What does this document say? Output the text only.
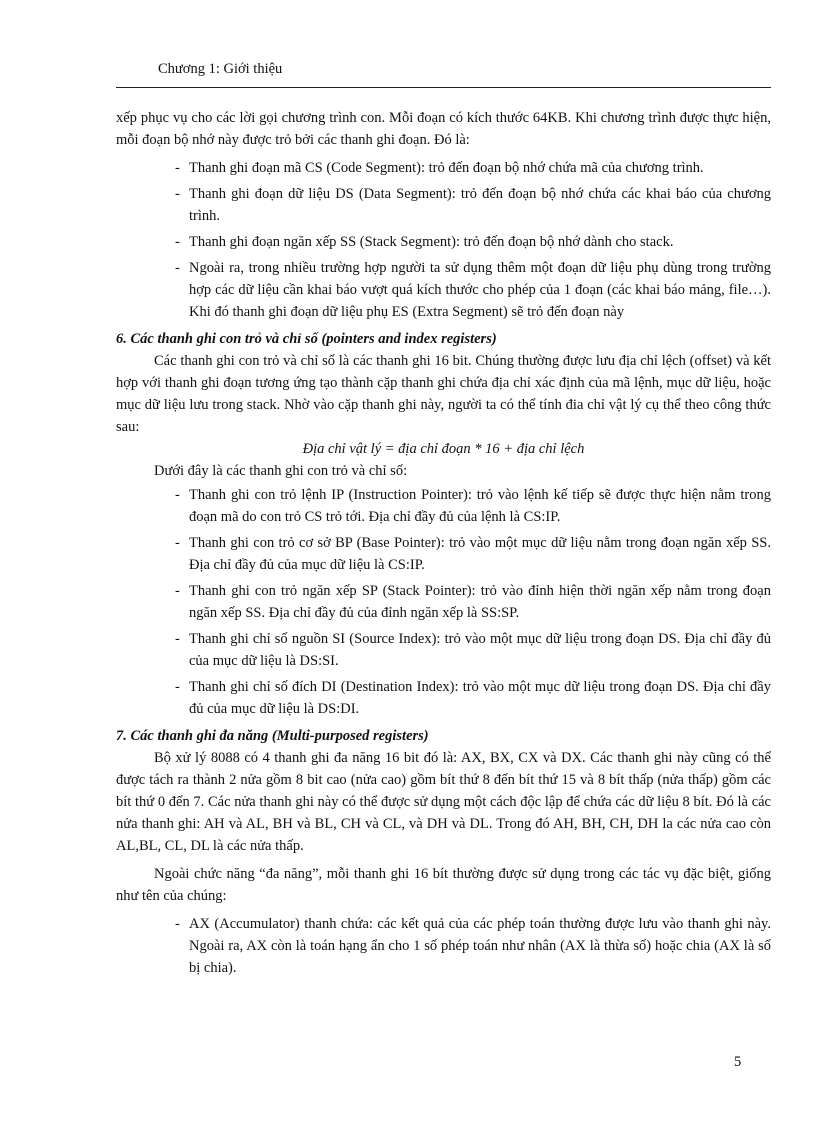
Chương 1: Giới thiệu

xếp phục vụ cho các lời gọi chương trình con. Mỗi đoạn có kích thước 64KB. Khi chương trình được thực hiện, mỗi đoạn bộ nhớ này được trỏ bởi các thanh ghi đoạn. Đó là:

- Thanh ghi đoạn mã CS (Code Segment): trỏ đến đoạn bộ nhớ chứa mã của chương trình.
- Thanh ghi đoạn dữ liệu DS (Data Segment): trỏ đến đoạn bộ nhớ chứa các khai báo của chương trình.
- Thanh ghi đoạn ngăn xếp SS (Stack Segment): trỏ đến đoạn bộ nhớ dành cho stack.
- Ngoài ra, trong nhiều trường hợp người ta sử dụng thêm một đoạn dữ liệu phụ dùng trong trường hợp các dữ liệu cần khai báo vượt quá kích thước cho phép của 1 đoạn (các khai báo mảng, file…). Khi đó thanh ghi đoạn dữ liệu phụ ES (Extra Segment) sẽ trỏ đến đoạn này

6. Các thanh ghi con trỏ và chỉ số (pointers and index registers)

Các thanh ghi con trỏ và chỉ số là các thanh ghi 16 bit. Chúng thường được lưu địa chỉ lệch (offset) và kết hợp với thanh ghi đoạn tương ứng tạo thành cặp thanh ghi chứa địa chỉ xác định của mã lệnh, mục dữ liệu, hoặc mục dữ liệu lưu trong stack. Nhờ vào cặp thanh ghi này, người ta có thể tính đia chỉ vật lý cụ thể theo công thức sau:

Địa chỉ vật lý = địa chỉ đoạn * 16 + địa chỉ lệch

Dưới đây là các thanh ghi con trỏ và chỉ số:

- Thanh ghi con trỏ lệnh IP (Instruction Pointer): trỏ vào lệnh kế tiếp sẽ được thực hiện nằm trong đoạn mã do con trỏ CS trỏ tới. Địa chỉ đầy đủ của lệnh là CS:IP.
- Thanh ghi con trỏ cơ sở BP (Base Pointer): trỏ vào một mục dữ liệu nằm trong đoạn ngăn xếp SS. Địa chỉ đầy đủ của mục dữ liệu là CS:IP.
- Thanh ghi con trỏ ngăn xếp SP (Stack Pointer): trỏ vào đỉnh hiện thời ngăn xếp nằm trong đoạn ngăn xếp SS. Địa chỉ đầy đủ của đỉnh ngăn xếp là SS:SP.
- Thanh ghi chỉ số nguồn SI (Source Index): trỏ vào một mục dữ liệu trong đoạn DS. Địa chỉ đầy đủ của mục dữ liệu là DS:SI.
- Thanh ghi chỉ số đích DI (Destination Index): trỏ vào một mục dữ liệu trong đoạn DS. Địa chỉ đầy đủ của mục dữ liệu là DS:DI.

7. Các thanh ghi đa năng (Multi-purposed registers)

Bộ xử lý 8088 có 4 thanh ghi đa năng 16 bit đó là: AX, BX, CX và DX. Các thanh ghi này cũng có thể được tách ra thành 2 nửa gồm 8 bit cao (nửa cao) gồm bít thứ 8 đến bít thứ 15 và 8 bít thấp (nửa thấp) gồm các bít thứ 0 đến 7. Các nửa thanh ghi này có thể được sử dụng một cách độc lập để chứa các dữ liệu 8 bít. Đó là các nửa thanh ghi: AH và AL, BH và BL, CH và CL, và DH và DL. Trong đó AH, BH, CH, DH la các nửa cao còn AL,BL, CL, DL là các nửa thấp.

Ngoài chức năng “đa năng”, mỗi thanh ghi 16 bít thường được sử dụng trong các tác vụ đặc biệt, giống như tên của chúng:

- AX (Accumulator) thanh chứa: các kết quả của các phép toán thường được lưu vào thanh ghi này. Ngoài ra, AX còn là toán hạng ẩn cho 1 số phép toán như nhân (AX là thừa số) hoặc chia (AX là số bị chia).
5
